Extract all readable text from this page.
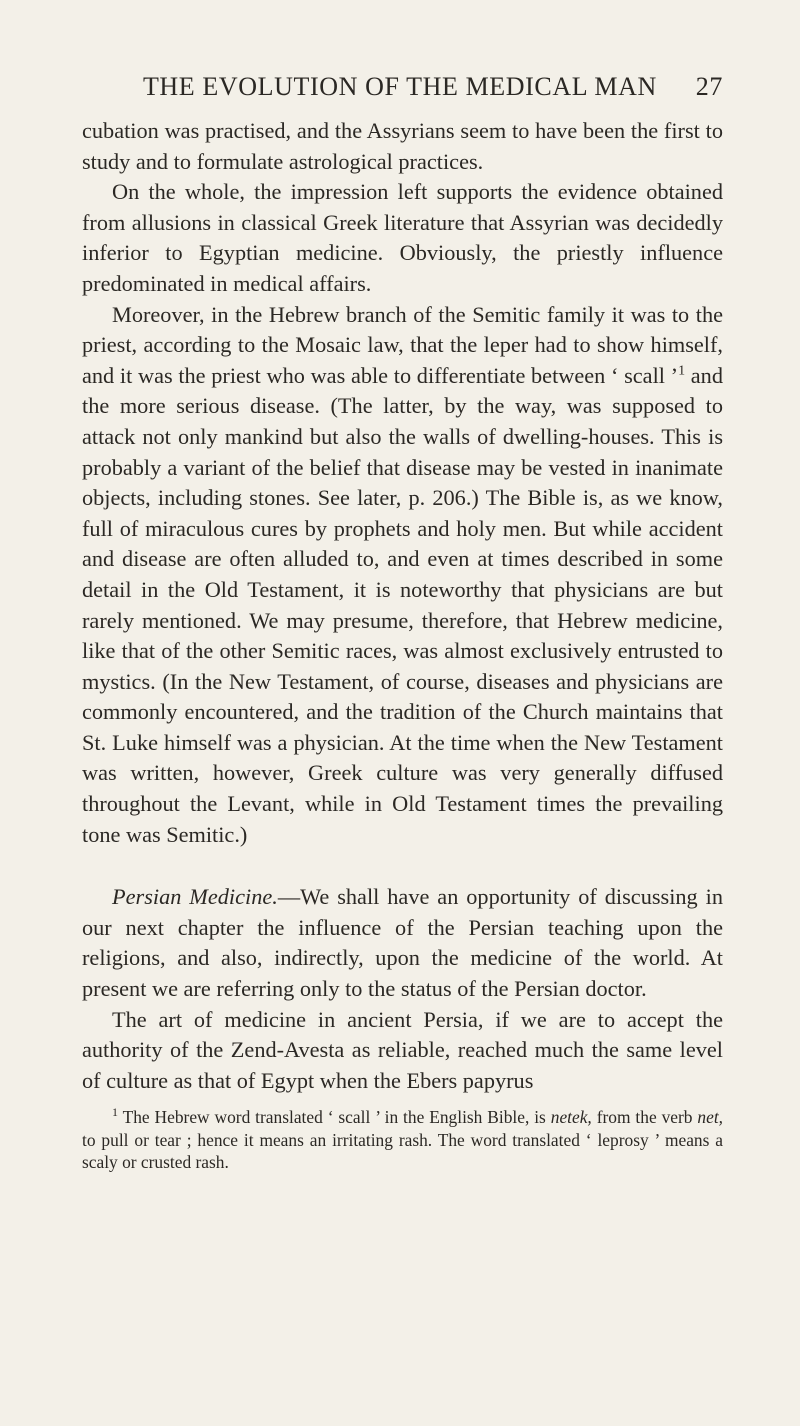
THE EVOLUTION OF THE MEDICAL MAN	27

cubation was practised, and the Assyrians seem to have been the first to study and to formulate astrological practices.

On the whole, the impression left supports the evidence obtained from allusions in classical Greek literature that Assyrian was decidedly inferior to Egyptian medicine. Obviously, the priestly influence predominated in medical affairs.

Moreover, in the Hebrew branch of the Semitic family it was to the priest, according to the Mosaic law, that the leper had to show himself, and it was the priest who was able to differentiate between ‘ scall ’$^1$ and the more serious disease. (The latter, by the way, was supposed to attack not only mankind but also the walls of dwelling-houses. This is probably a variant of the belief that disease may be vested in inanimate objects, including stones. See later, p. 206.) The Bible is, as we know, full of miraculous cures by prophets and holy men. But while accident and disease are often alluded to, and even at times described in some detail in the Old Testament, it is noteworthy that physicians are but rarely mentioned. We may presume, therefore, that Hebrew medicine, like that of the other Semitic races, was almost exclusively entrusted to mystics. (In the New Testament, of course, diseases and physicians are commonly encountered, and the tradition of the Church maintains that St. Luke himself was a physician. At the time when the New Testament was written, however, Greek culture was very generally diffused throughout the Levant, while in Old Testament times the prevailing tone was Semitic.)

Persian Medicine.—We shall have an opportunity of discussing in our next chapter the influence of the Persian teaching upon the religions, and also, indirectly, upon the medicine of the world. At present we are referring only to the status of the Persian doctor.

The art of medicine in ancient Persia, if we are to accept the authority of the Zend-Avesta as reliable, reached much the same level of culture as that of Egypt when the Ebers papyrus

$^1$ The Hebrew word translated ‘ scall ’ in the English Bible, is netek, from the verb net, to pull or tear ; hence it means an irritating rash. The word translated ‘ leprosy ’ means a scaly or crusted rash.
